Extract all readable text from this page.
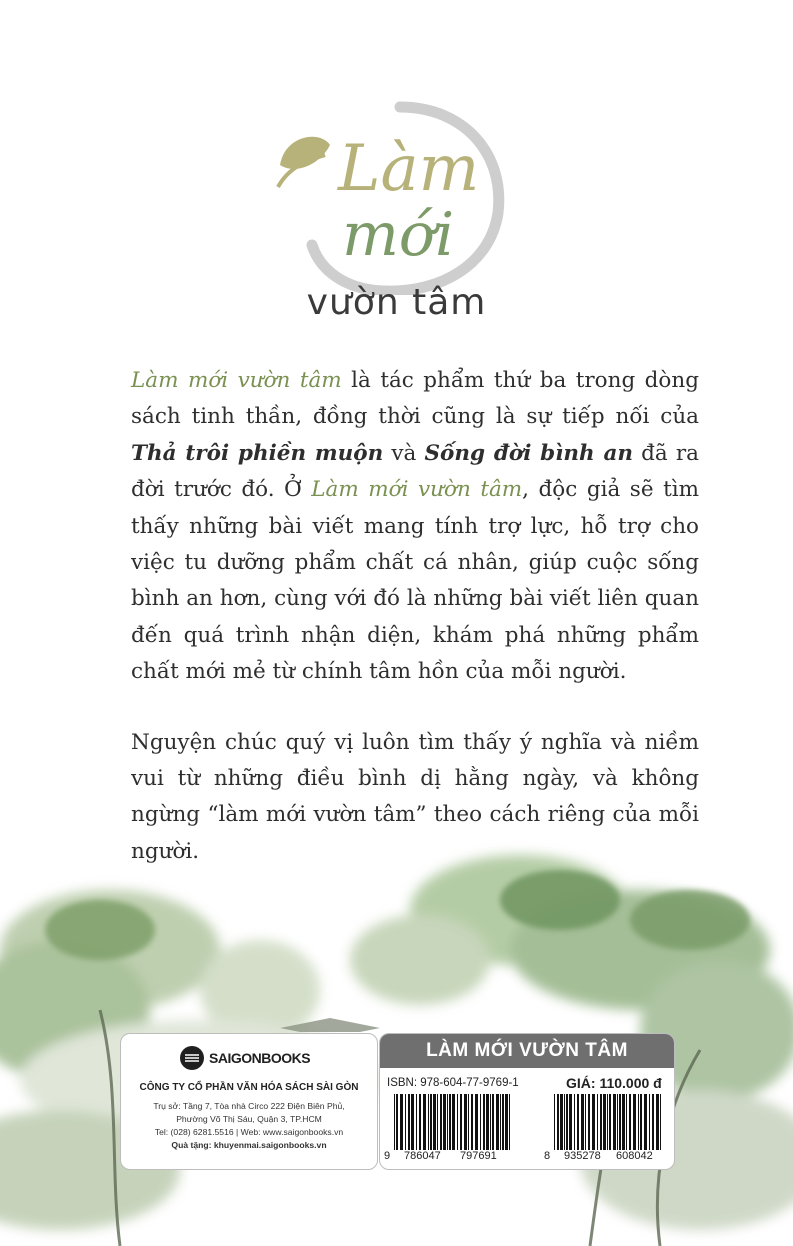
Làm
mới
vườn tâm

Làm mới vườn tâm là tác phẩm thứ ba trong dòng sách tinh thần, đồng thời cũng là sự tiếp nối của Thả trôi phiền muộn và Sống đời bình an đã ra đời trước đó. Ở Làm mới vườn tâm, độc giả sẽ tìm thấy những bài viết mang tính trợ lực, hỗ trợ cho việc tu dưỡng phẩm chất cá nhân, giúp cuộc sống bình an hơn, cùng với đó là những bài viết liên quan đến quá trình nhận diện, khám phá những phẩm chất mới mẻ từ chính tâm hồn của mỗi người.

Nguyện chúc quý vị luôn tìm thấy ý nghĩa và niềm vui từ những điều bình dị hằng ngày, và không ngừng “làm mới vườn tâm” theo cách riêng của mỗi người.

SAIGONBOOKS
CÔNG TY CỔ PHẦN VĂN HÓA SÁCH SÀI GÒN
Trụ sở: Tầng 7, Tòa nhà Circo 222 Điện Biên Phủ,
Phường Võ Thị Sáu, Quận 3, TP.HCM
Tel: (028) 6281.5516 | Web: www.saigonbooks.vn
Quà tặng: khuyenmai.saigonbooks.vn
LÀM MỚI VƯỜN TÂM
ISBN: 978-604-77-9769-1	GIÁ: 110.000 đ
9 786047 797691	8 935278 608042
